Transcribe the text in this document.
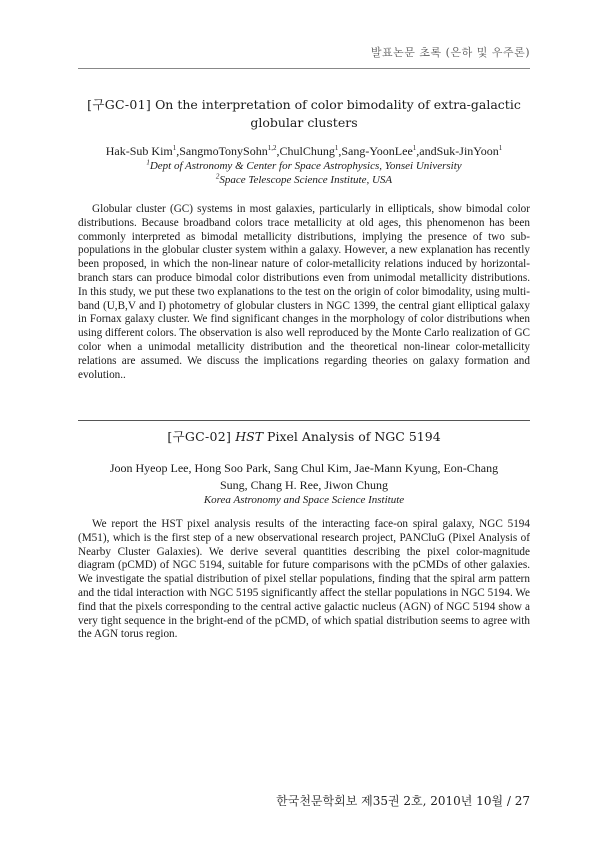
발표논문 초록 (은하 및 우주론)
[구GC-01] On the interpretation of color bimodality of extra-galactic globular clusters
Hak-Sub Kim$^1$,SangmoTonySohn$^{1,2}$,ChulChung$^1$,Sang-YoonLee$^1$,andSuk-JinYoon$^1$
$^1$Dept of Astronomy & Center for Space Astrophysics, Yonsei University
$^2$Space Telescope Science Institute, USA
Globular cluster (GC) systems in most galaxies, particularly in ellipticals, show bimodal color distributions. Because broadband colors trace metallicity at old ages, this phenomenon has been commonly interpreted as bimodal metallicity distributions, implying the presence of two sub-populations in the globular cluster system within a galaxy. However, a new explanation has recently been proposed, in which the non-linear nature of color-metallicity relations induced by horizontal-branch stars can produce bimodal color distributions even from unimodal metallicity distributions. In this study, we put these two explanations to the test on the origin of color bimodality, using multi-band (U,B,V and I) photometry of globular clusters in NGC 1399, the central giant elliptical galaxy in Fornax galaxy cluster. We find significant changes in the morphology of color distributions when using different colors. The observation is also well reproduced by the Monte Carlo realization of GC color when a unimodal metallicity distribution and the theoretical non-linear color-metallicity relations are assumed. We discuss the implications regarding theories on galaxy formation and evolution..
[구GC-02] HST Pixel Analysis of NGC 5194
Joon Hyeop Lee, Hong Soo Park, Sang Chul Kim, Jae-Mann Kyung, Eon-Chang
Sung, Chang H. Ree, Jiwon Chung
Korea Astronomy and Space Science Institute
We report the HST pixel analysis results of the interacting face-on spiral galaxy, NGC 5194 (M51), which is the first step of a new observational research project, PANCluG (Pixel Analysis of Nearby Cluster Galaxies). We derive several quantities describing the pixel color-magnitude diagram (pCMD) of NGC 5194, suitable for future comparisons with the pCMDs of other galaxies. We investigate the spatial distribution of pixel stellar populations, finding that the spiral arm pattern and the tidal interaction with NGC 5195 significantly affect the stellar populations in NGC 5194. We find that the pixels corresponding to the central active galactic nucleus (AGN) of NGC 5194 show a very tight sequence in the bright-end of the pCMD, of which spatial distribution seems to agree with the AGN torus region.
한국천문학회보 제35권 2호, 2010년 10월 / 27
